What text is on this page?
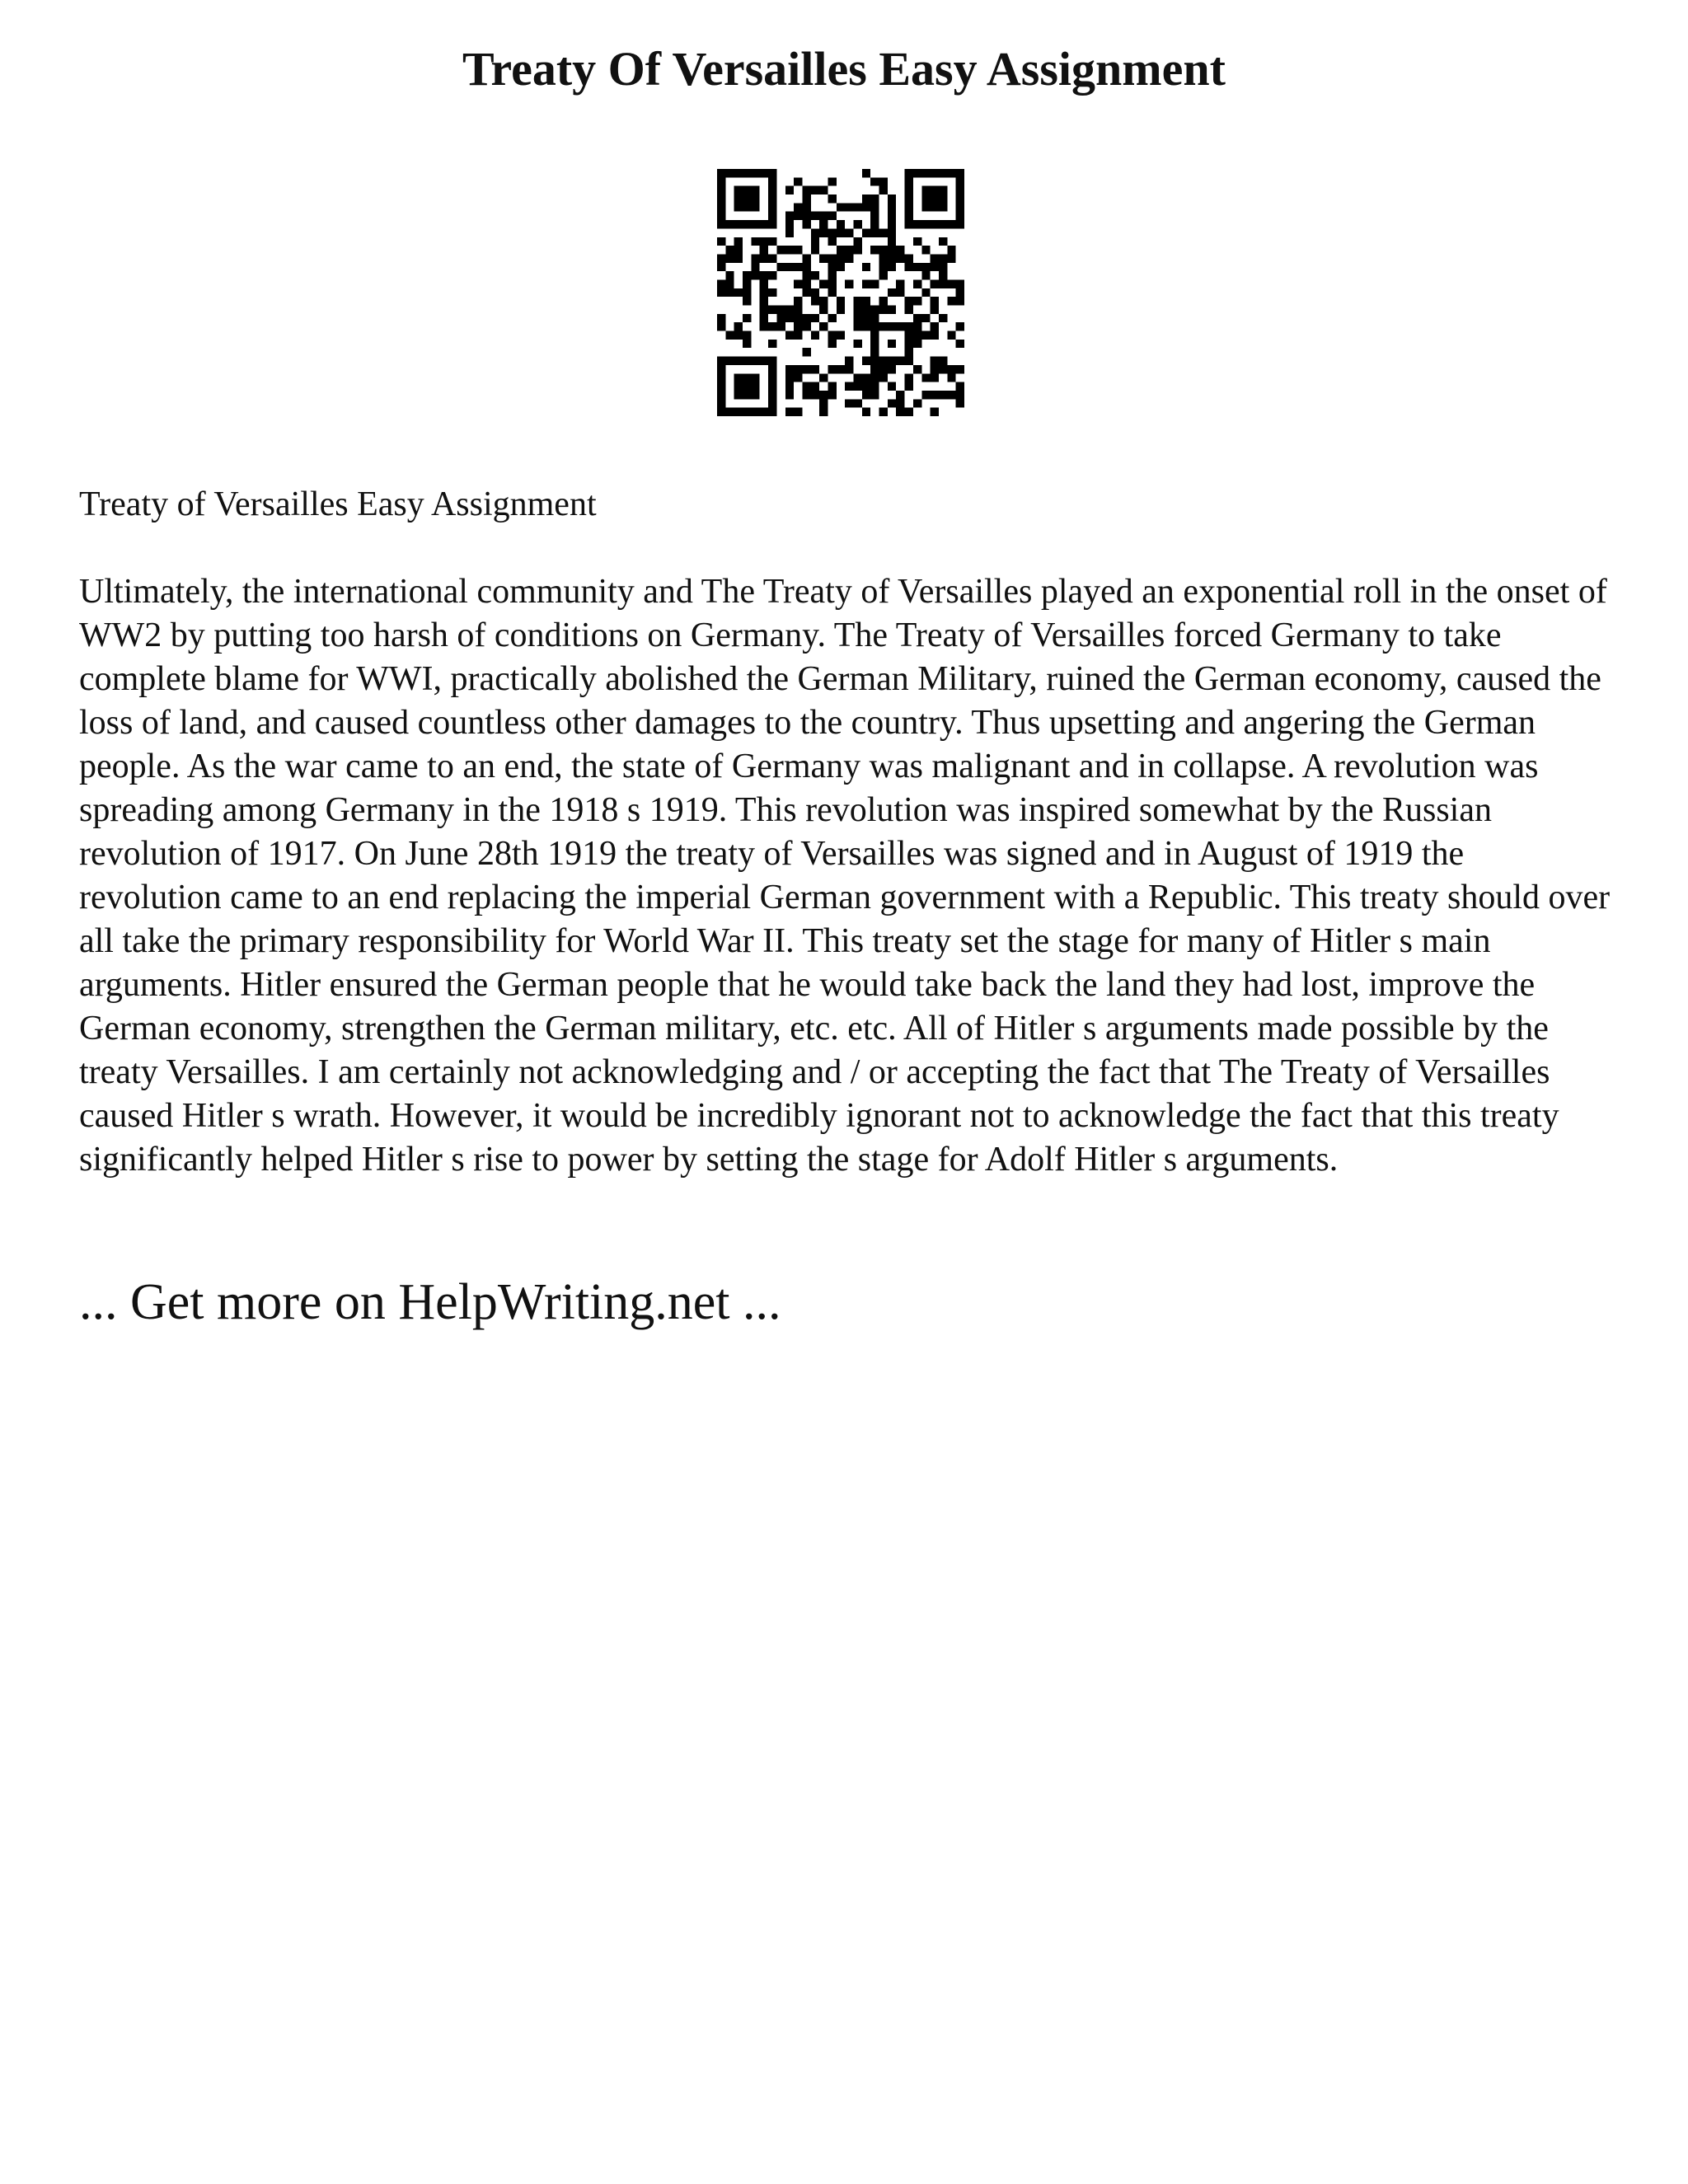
Treaty Of Versailles Easy Assignment

Treaty of Versailles Easy Assignment

Ultimately, the international community and The Treaty of Versailles played an exponential roll in the onset of WW2 by putting too harsh of conditions on Germany. The Treaty of Versailles forced Germany to take complete blame for WWI, practically abolished the German Military, ruined the German economy, caused the loss of land, and caused countless other damages to the country. Thus upsetting and angering the German people. As the war came to an end, the state of Germany was malignant and in collapse. A revolution was spreading among Germany in the 1918 s 1919. This revolution was inspired somewhat by the Russian revolution of 1917. On June 28th 1919 the treaty of Versailles was signed and in August of 1919 the revolution came to an end replacing the imperial German government with a Republic. This treaty should over all take the primary responsibility for World War II. This treaty set the stage for many of Hitler s main arguments. Hitler ensured the German people that he would take back the land they had lost, improve the German economy, strengthen the German military, etc. etc. All of Hitler s arguments made possible by the treaty Versailles. I am certainly not acknowledging and / or accepting the fact that The Treaty of Versailles caused Hitler s wrath. However, it would be incredibly ignorant not to acknowledge the fact that this treaty significantly helped Hitler s rise to power by setting the stage for Adolf Hitler s arguments.

... Get more on HelpWriting.net ...
